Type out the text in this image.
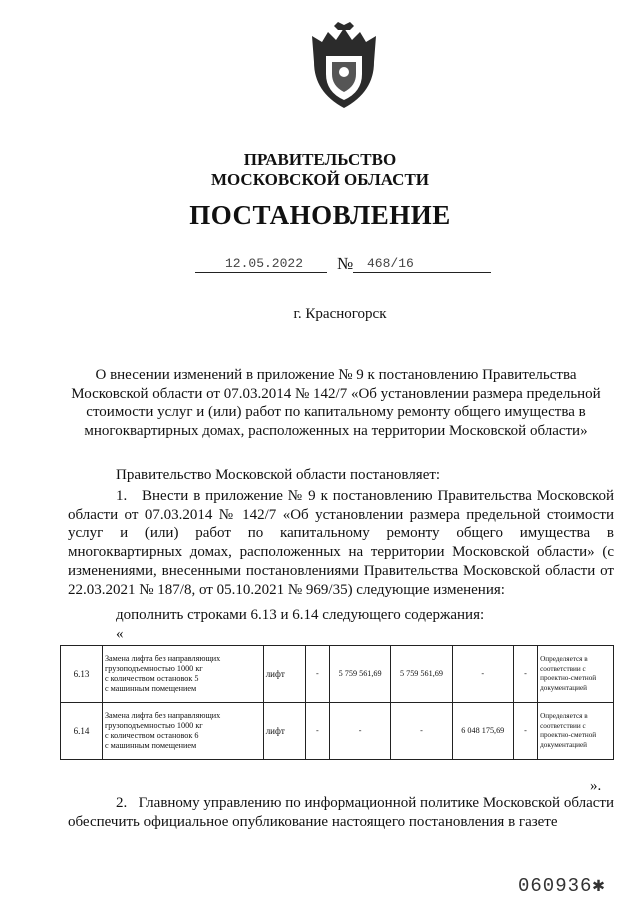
ПРАВИТЕЛЬСТВО
МОСКОВСКОЙ ОБЛАСТИ
ПОСТАНОВЛЕНИЕ
12.05.2022 № 468/16
г. Красногорск
О внесении изменений в приложение № 9 к постановлению Правительства Московской области от 07.03.2014 № 142/7 «Об установлении размера предельной стоимости услуг и (или) работ по капитальному ремонту общего имущества в многоквартирных домах, расположенных на территории Московской области»
Правительство Московской области постановляет:
1.   Внести в приложение № 9 к постановлению Правительства Московской области от 07.03.2014 № 142/7 «Об установлении размера предельной стоимости услуг и (или) работ по капитальному ремонту общего имущества в многоквартирных домах, расположенных на территории Московской области» (с изменениями, внесенными постановлениями Правительства Московской области от 22.03.2021 № 187/8, от 05.10.2021 № 969/35) следующие изменения:
дополнить строками 6.13 и 6.14 следующего содержания:
«
6.13	Замена лифта без направляющих
грузоподъемностью 1000 кг
с количеством остановок 5
с машинным помещением	лифт	-	5 759 561,69	5 759 561,69	-	-	Определяется в
соответствии с
проектно-сметной
документацией
6.14	Замена лифта без направляющих
грузоподъемностью 1000 кг
с количеством остановок 6
с машинным помещением	лифт	-	-	-	6 048 175,69	-	Определяется в
соответствии с
проектно-сметной
документацией
».
2.   Главному управлению по информационной политике Московской области обеспечить официальное опубликование настоящего постановления в газете
060936✱
